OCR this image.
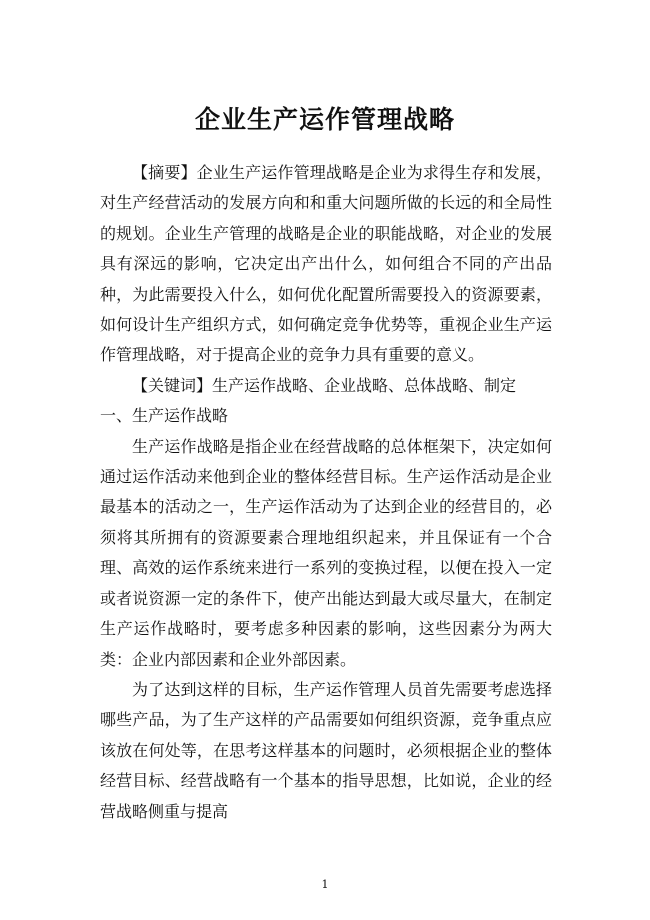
企业生产运作管理战略

【摘要】企业生产运作管理战略是企业为求得生存和发展，对生产经营活动的发展方向和和重大问题所做的长远的和全局性的规划。企业生产管理的战略是企业的职能战略，对企业的发展具有深远的影响，它决定出产出什么，如何组合不同的产出品种，为此需要投入什么，如何优化配置所需要投入的资源要素，如何设计生产组织方式，如何确定竞争优势等，重视企业生产运作管理战略，对于提高企业的竞争力具有重要的意义。

【关键词】生产运作战略、企业战略、总体战略、制定

一、生产运作战略

生产运作战略是指企业在经营战略的总体框架下，决定如何通过运作活动来他到企业的整体经营目标。生产运作活动是企业最基本的活动之一，生产运作活动为了达到企业的经营目的，必须将其所拥有的资源要素合理地组织起来，并且保证有一个合理、高效的运作系统来进行一系列的变换过程，以便在投入一定或者说资源一定的条件下，使产出能达到最大或尽量大，在制定生产运作战略时，要考虑多种因素的影响，这些因素分为两大类：企业内部因素和企业外部因素。

为了达到这样的目标，生产运作管理人员首先需要考虑选择哪些产品，为了生产这样的产品需要如何组织资源，竞争重点应该放在何处等，在思考这样基本的问题时，必须根据企业的整体经营目标、经营战略有一个基本的指导思想，比如说，企业的经营战略侧重与提高

1
